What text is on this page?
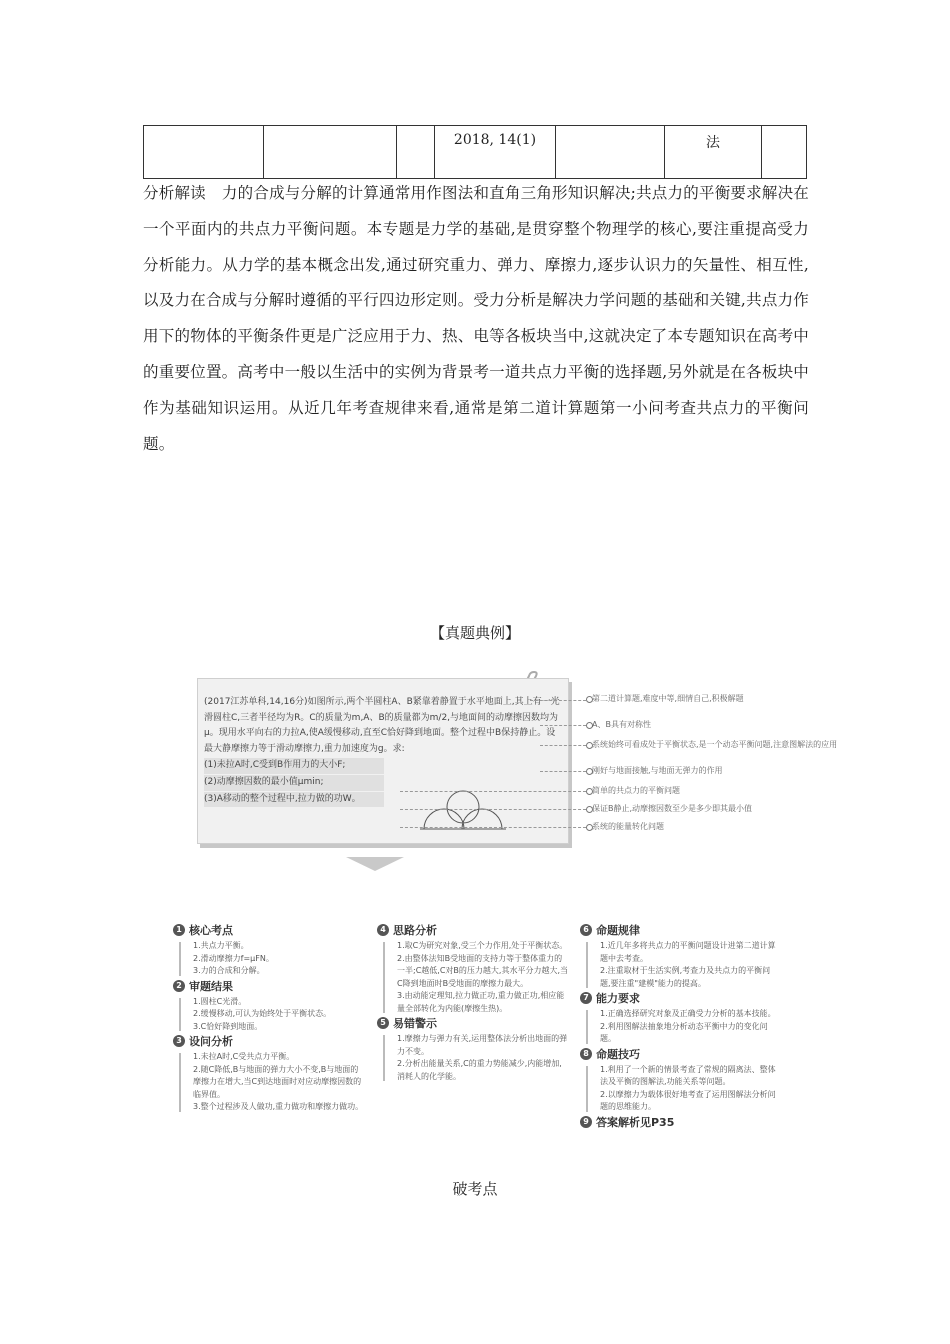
			2018, 14(1)		法	
分析解读 力的合成与分解的计算通常用作图法和直角三角形知识解决;共点力的平衡要求解决在一个平面内的共点力平衡问题。本专题是力学的基础,是贯穿整个物理学的核心,要注重提高受力分析能力。从力学的基本概念出发,通过研究重力、弹力、摩擦力,逐步认识力的矢量性、相互性,以及力在合成与分解时遵循的平行四边形定则。受力分析是解决力学问题的基础和关键,共点力作用下的物体的平衡条件更是广泛应用于力、热、电等各板块当中,这就决定了本专题知识在高考中的重要位置。高考中一般以生活中的实例为背景考一道共点力平衡的选择题,另外就是在各板块中作为基础知识运用。从近几年考查规律来看,通常是第二道计算题第一小问考查共点力的平衡问题。
【真题典例】
(2017江苏单科,14,16分)如图所示,两个半圆柱A、B紧靠着静置于水平地面上,其上有一光滑圆柱C,三者半径均为R。C的质量为m,A、B的质量都为m/2,与地面间的动摩擦因数均为μ。现用水平向右的力拉A,使A缓慢移动,直至C恰好降到地面。整个过程中B保持静止。设最大静摩擦力等于滑动摩擦力,重力加速度为g。求:
(1)未拉A时,C受到B作用力的大小F;
(2)动摩擦因数的最小值μmin;
(3)A移动的整个过程中,拉力做的功W。
第二道计算题,难度中等,细情自己,积极解题
A、B具有对称性
系统始终可看成处于平衡状态,是一个动态平衡问题,注意图解法的应用
刚好与地面接触,与地面无弹力的作用
简单的共点力的平衡问题
保证B静止,动摩擦因数至少是多少即其最小值
系统的能量转化问题
1 核心考点

1.共点力平衡。

2.滑动摩擦力f=μFN。

3.力的合成和分解。

2 审题结果

1.圆柱C光滑。

2.缓慢移动,可认为始终处于平衡状态。

3.C恰好降到地面。

3 设问分析

1.未拉A时,C受共点力平衡。

2.随C降低,B与地面的弹力大小不变,B与地面的摩擦力在增大,当C到达地面时对应动摩擦因数的临界值。

3.整个过程涉及人做功,重力做功和摩擦力做功。

4 思路分析

1.取C为研究对象,受三个力作用,处于平衡状态。

2.由整体法知B受地面的支持力等于整体重力的一半;C越低,C对B的压力越大,其水平分力越大,当C降到地面时B受地面的摩擦力最大。

3.由动能定理知,拉力做正功,重力做正功,相应能量全部转化为内能(摩擦生热)。

5 易错警示

1.摩擦力与弹力有关,运用整体法分析出地面的弹力不变。

2.分析出能量关系,C的重力势能减少,内能增加,消耗人的化学能。

6 命题规律

1.近几年多将共点力的平衡问题设计进第二道计算题中去考查。

2.注重取材于生活实例,考查力及共点力的平衡问题,要注重"建模"能力的提高。

7 能力要求

1.正确选择研究对象及正确受力分析的基本技能。

2.利用图解法抽象地分析动态平衡中力的变化问题。

8 命题技巧

1.利用了一个新的情景考查了常规的隔离法、整体法及平衡的图解法,功能关系等问题。

2.以摩擦力为载体很好地考查了运用图解法分析问题的思维能力。

9 答案解析见P35
破考点
